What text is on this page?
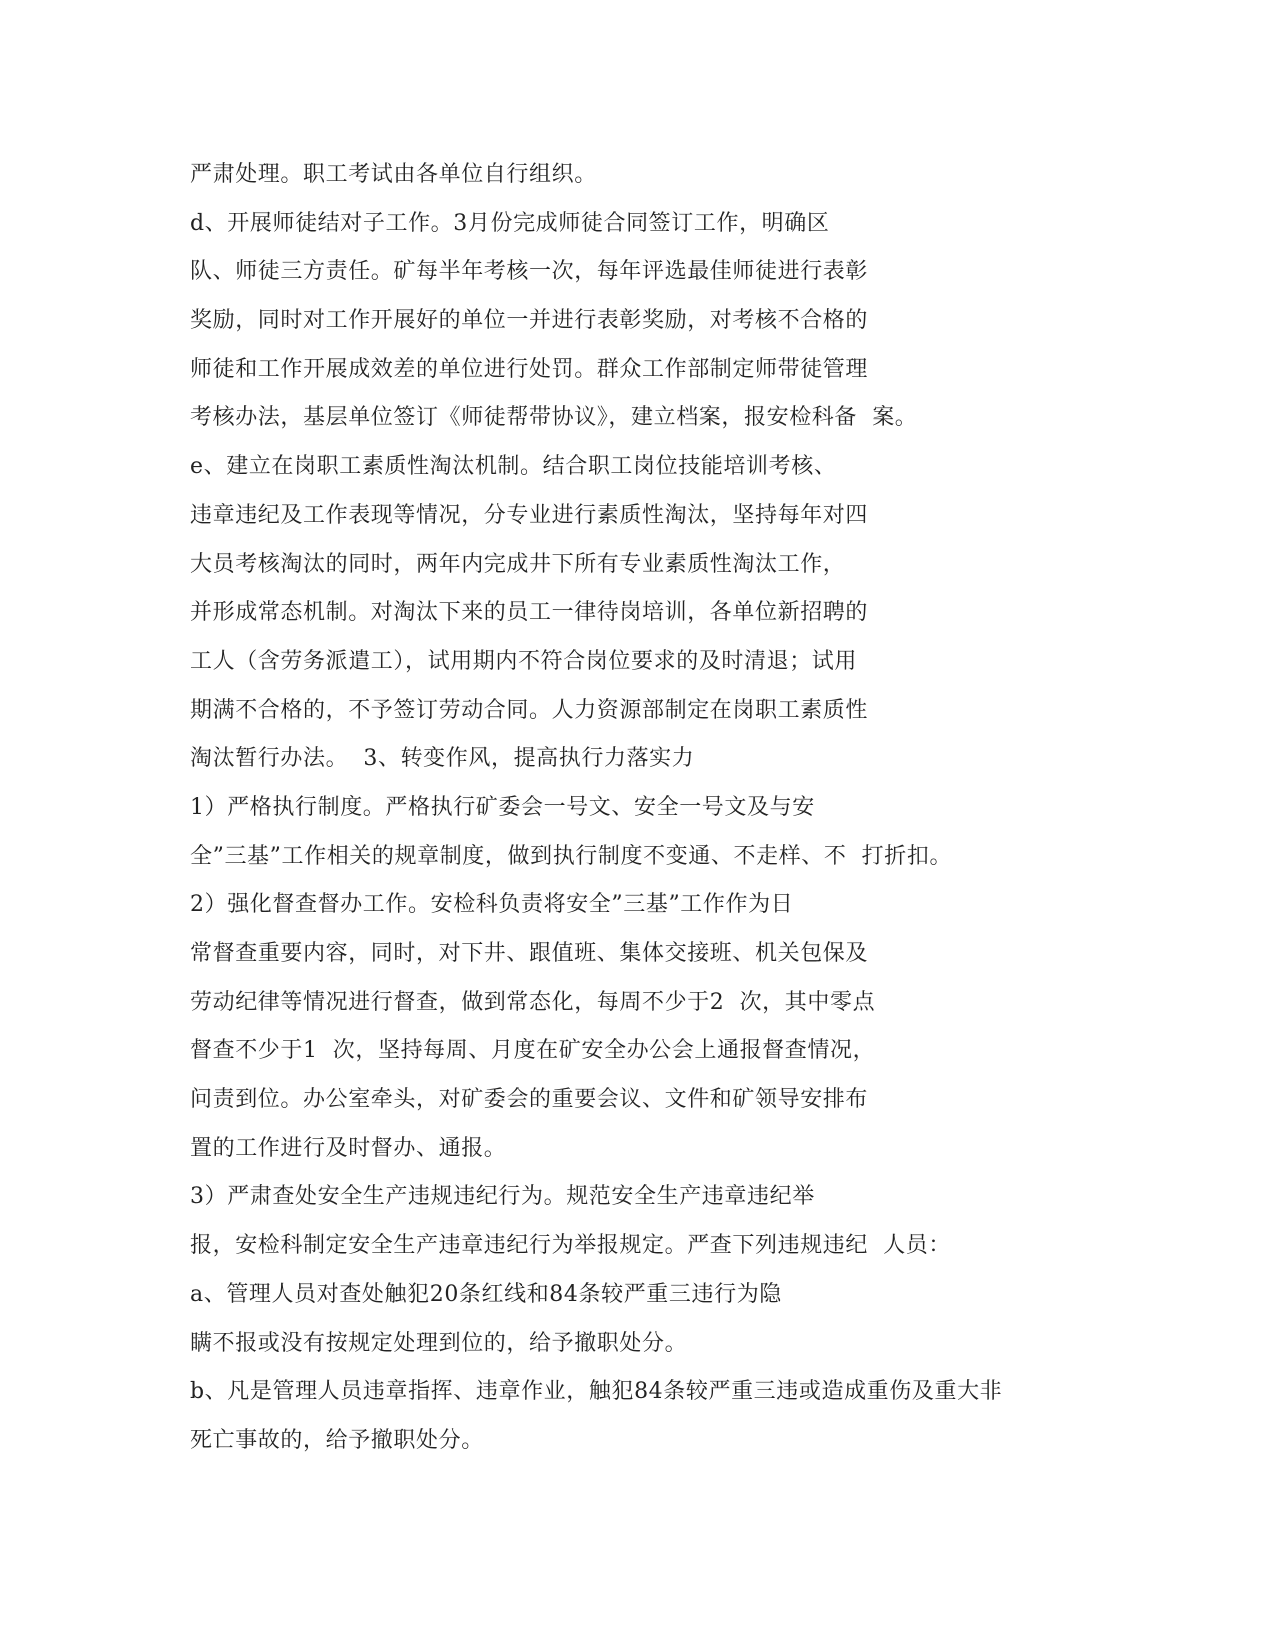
严肃处理。职工考试由各单位自行组织。
d、开展师徒结对子工作。3月份完成师徒合同签订工作，明确区
队、师徒三方责任。矿每半年考核一次，每年评选最佳师徒进行表彰
奖励，同时对工作开展好的单位一并进行表彰奖励，对考核不合格的
师徒和工作开展成效差的单位进行处罚。群众工作部制定师带徒管理
考核办法，基层单位签订《师徒帮带协议》，建立档案，报安检科备  案。
e、建立在岗职工素质性淘汰机制。结合职工岗位技能培训考核、
违章违纪及工作表现等情况，分专业进行素质性淘汰，坚持每年对四
大员考核淘汰的同时，两年内完成井下所有专业素质性淘汰工作，
并形成常态机制。对淘汰下来的员工一律待岗培训，各单位新招聘的
工人（含劳务派遣工），试用期内不符合岗位要求的及时清退；试用
期满不合格的，不予签订劳动合同。人力资源部制定在岗职工素质性
淘汰暂行办法。  3、转变作风，提高执行力落实力
1）严格执行制度。严格执行矿委会一号文、安全一号文及与安
全”三基”工作相关的规章制度，做到执行制度不变通、不走样、不  打折扣。
2）强化督查督办工作。安检科负责将安全”三基”工作作为日
常督查重要内容，同时，对下井、跟值班、集体交接班、机关包保及
劳动纪律等情况进行督查，做到常态化，每周不少于2  次，其中零点
督查不少于1  次，坚持每周、月度在矿安全办公会上通报督查情况，
问责到位。办公室牵头，对矿委会的重要会议、文件和矿领导安排布
置的工作进行及时督办、通报。
3）严肃查处安全生产违规违纪行为。规范安全生产违章违纪举
报，安检科制定安全生产违章违纪行为举报规定。严查下列违规违纪  人员：
a、管理人员对查处触犯20条红线和84条较严重三违行为隐
瞒不报或没有按规定处理到位的，给予撤职处分。
b、凡是管理人员违章指挥、违章作业，触犯84条较严重三违或造成重伤及重大非
死亡事故的，给予撤职处分。
